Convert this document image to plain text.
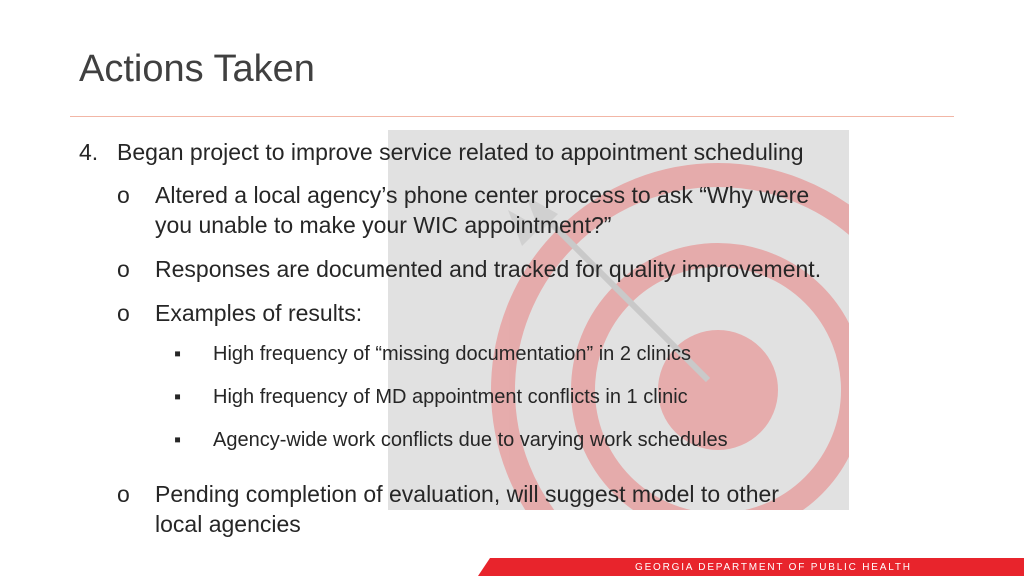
Actions Taken
4. Began project to improve service related to appointment scheduling
o Altered a local agency’s phone center process to ask “Why were
you unable to make your WIC appointment?”
o Responses are documented and tracked for quality improvement.
o Examples of results:
▪ High frequency of “missing documentation” in 2 clinics
▪ High frequency of MD appointment conflicts in 1 clinic
▪ Agency-wide work conflicts due to varying work schedules
o Pending completion of evaluation, will suggest model to other
local agencies
GEORGIA DEPARTMENT OF PUBLIC HEALTH
